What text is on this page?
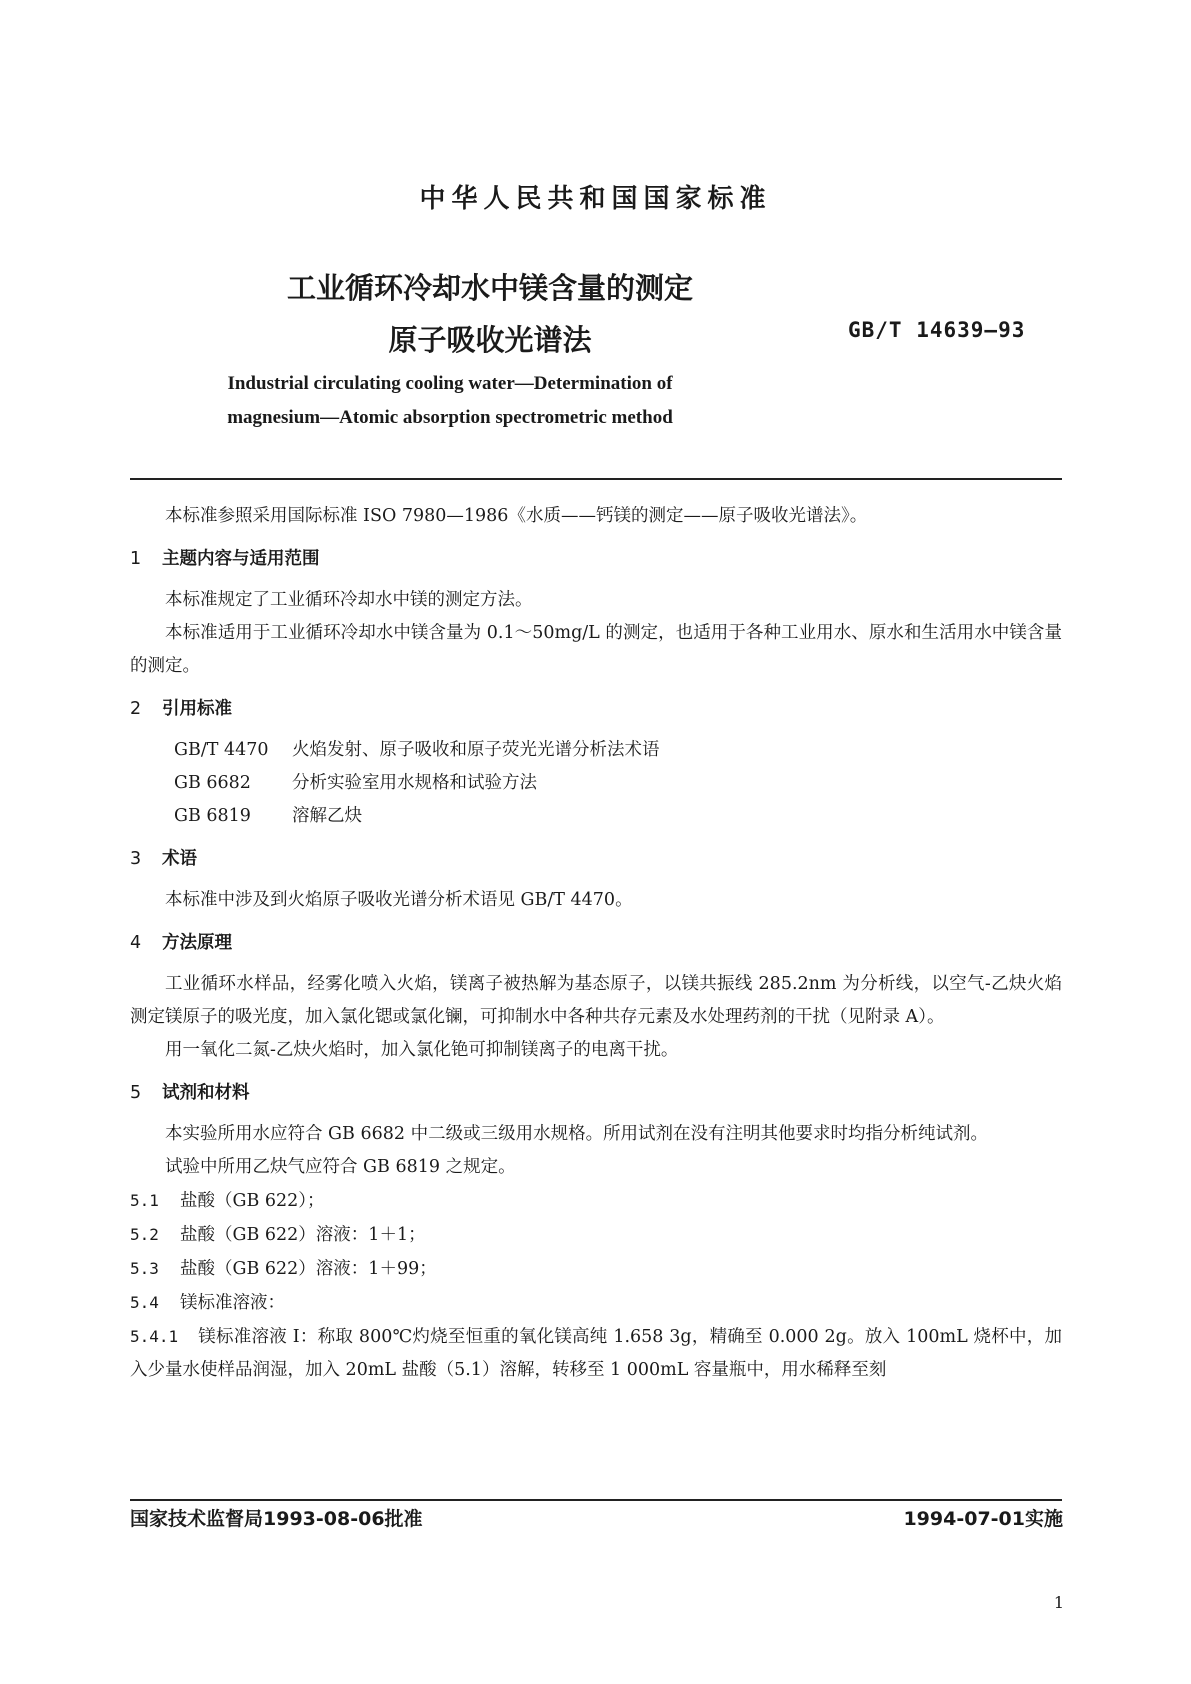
中华人民共和国国家标准
工业循环冷却水中镁含量的测定
原子吸收光谱法	GB/T 14639—93
Industrial circulating cooling water—Determination of
magnesium—Atomic absorption spectrometric method

本标准参照采用国际标准 ISO 7980—1986《水质——钙镁的测定——原子吸收光谱法》。

1 主题内容与适用范围

本标准规定了工业循环冷却水中镁的测定方法。

本标准适用于工业循环冷却水中镁含量为 0.1～50mg/L 的测定，也适用于各种工业用水、原水和生活用水中镁含量的测定。

2 引用标准

GB/T 4470 火焰发射、原子吸收和原子荧光光谱分析法术语

GB 6682 分析实验室用水规格和试验方法

GB 6819 溶解乙炔

3 术语

本标准中涉及到火焰原子吸收光谱分析术语见 GB/T 4470。

4 方法原理

工业循环水样品，经雾化喷入火焰，镁离子被热解为基态原子，以镁共振线 285.2nm 为分析线，以空气-乙炔火焰测定镁原子的吸光度，加入氯化锶或氯化镧，可抑制水中各种共存元素及水处理药剂的干扰（见附录 A）。

用一氧化二氮-乙炔火焰时，加入氯化铯可抑制镁离子的电离干扰。

5 试剂和材料

本实验所用水应符合 GB 6682 中二级或三级用水规格。所用试剂在没有注明其他要求时均指分析纯试剂。

试验中所用乙炔气应符合 GB 6819 之规定。

5.1 盐酸（GB 622）；

5.2 盐酸（GB 622）溶液：1＋1；

5.3 盐酸（GB 622）溶液：1＋99；

5.4 镁标准溶液：

5.4.1 镁标准溶液 Ⅰ：称取 800℃灼烧至恒重的氧化镁高纯 1.658 3g，精确至 0.000 2g。放入 100mL 烧杯中，加入少量水使样品润湿，加入 20mL 盐酸（5.1）溶解，转移至 1 000mL 容量瓶中，用水稀释至刻

国家技术监督局1993-08-06批准	1994-07-01实施
1
